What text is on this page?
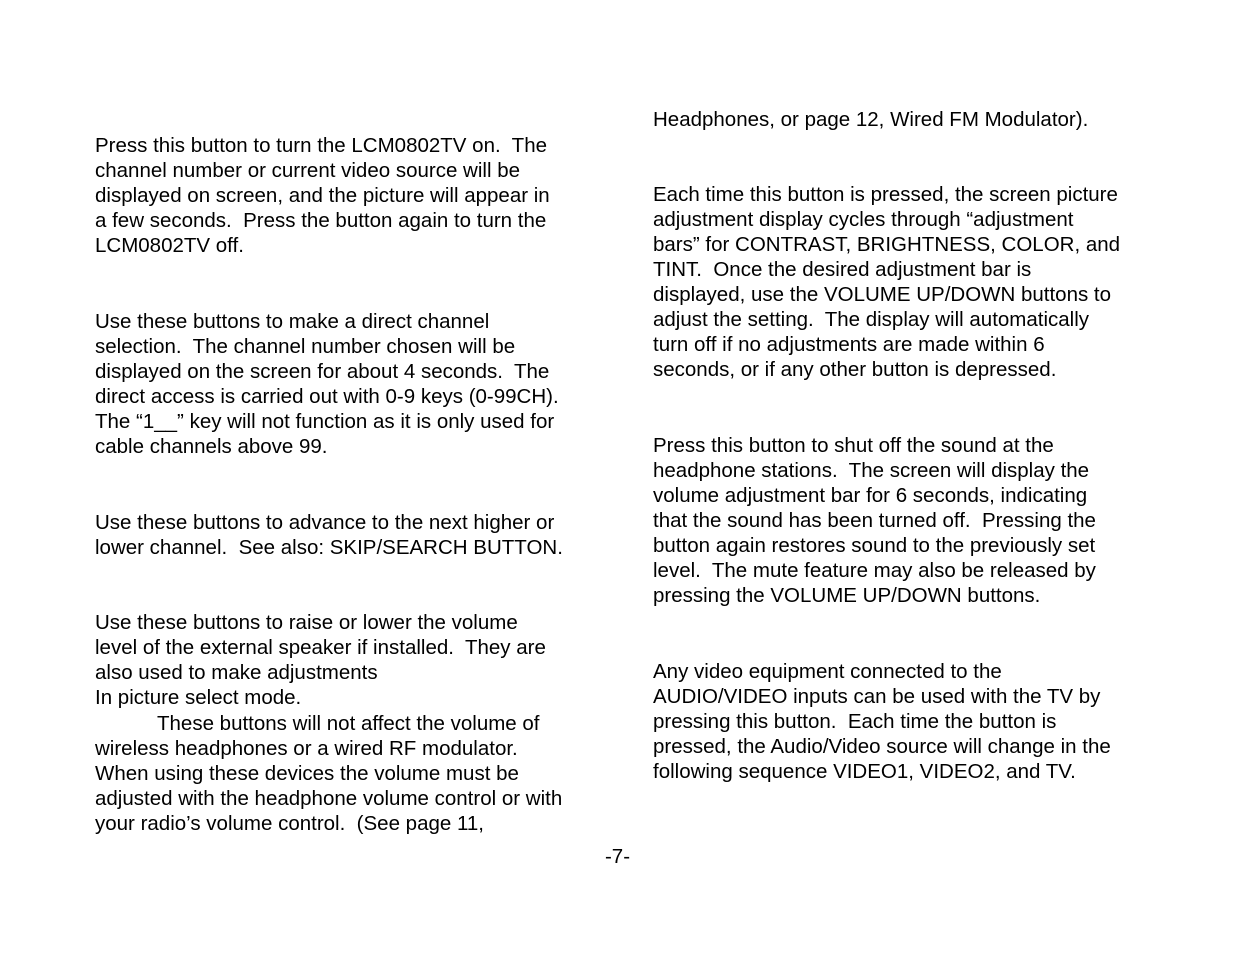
Press this button to turn the LCM0802TV on.  The

channel number or current video source will be

displayed on screen, and the picture will appear in

a few seconds.  Press the button again to turn the

LCM0802TV off.

Use these buttons to make a direct channel

selection.  The channel number chosen will be

displayed on the screen for about 4 seconds.  The

direct access is carried out with 0-9 keys (0-99CH).

The “1__” key will not function as it is only used for

cable channels above 99.

Use these buttons to advance to the next higher or

lower channel.  See also: SKIP/SEARCH BUTTON.

Use these buttons to raise or lower the volume

level of the external speaker if installed.  They are

also used to make adjustments

In picture select mode.

These buttons will not affect the volume of

wireless headphones or a wired RF modulator.

When using these devices the volume must be

adjusted with the headphone volume control or with

your radio’s volume control.  (See page 11,

Headphones, or page 12, Wired FM Modulator).

Each time this button is pressed, the screen picture

adjustment display cycles through “adjustment

bars” for CONTRAST, BRIGHTNESS, COLOR, and

TINT.  Once the desired adjustment bar is

displayed, use the VOLUME UP/DOWN buttons to

adjust the setting.  The display will automatically

turn off if no adjustments are made within 6

seconds, or if any other button is depressed.

Press this button to shut off the sound at the

headphone stations.  The screen will display the

volume adjustment bar for 6 seconds, indicating

that the sound has been turned off.  Pressing the

button again restores sound to the previously set

level.  The mute feature may also be released by

pressing the VOLUME UP/DOWN buttons.

Any video equipment connected to the

AUDIO/VIDEO inputs can be used with the TV by

pressing this button.  Each time the button is

pressed, the Audio/Video source will change in the

following sequence VIDEO1, VIDEO2, and TV.

-7-
